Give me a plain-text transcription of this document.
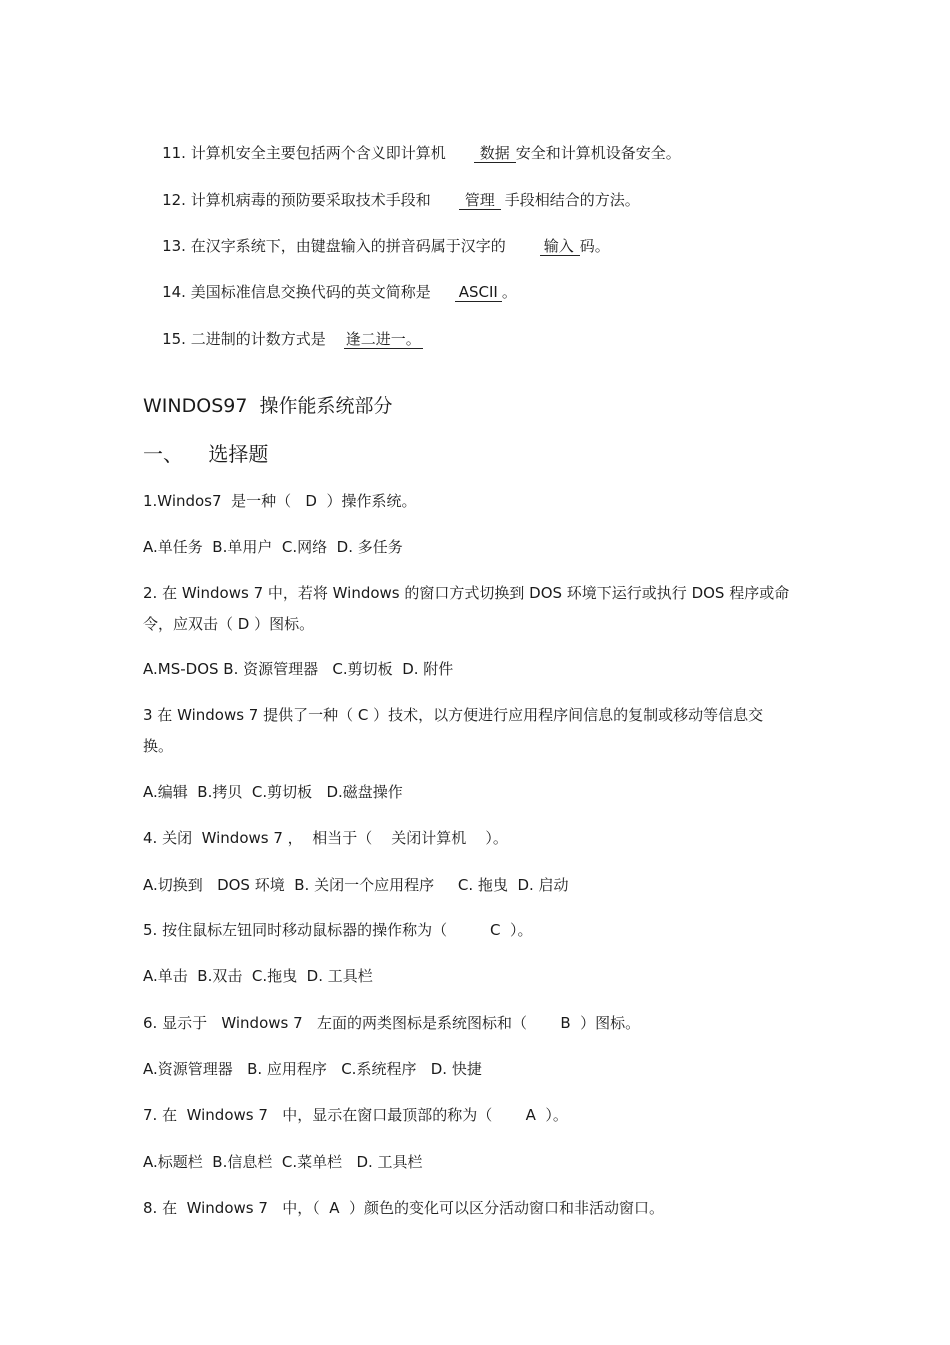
11. 计算机安全主要包括两个含义即计算机 数据 安全和计算机设备安全。

12. 计算机病毒的预防要采取技术手段和 管理 手段相结合的方法。

13. 在汉字系统下，由键盘输入的拼音码属于汉字的	输入 码。

14. 美国标准信息交换代码的英文简称是 ASCII 。

15. 二进制的计数方式是 逢二进一。

WINDOS97  操作能系统部分
一、    选择题
1.Windos7  是一种（   D  ）操作系统。
A.单任务  B.单用户  C.网络  D. 多任务
2. 在 Windows 7 中，若将 Windows 的窗口方式切换到 DOS 环境下运行或执行 DOS 程序或命令，应双击（ D ）图标。
A.MS-DOS B. 资源管理器   C.剪切板  D. 附件
3 在 Windows 7 提供了一种（ C ）技术，以方便进行应用程序间信息的复制或移动等信息交换。
A.编辑  B.拷贝  C.剪切板   D.磁盘操作
4. 关闭  Windows 7 ，  相当于（    关闭计算机    ）。
A.切换到   DOS 环境  B. 关闭一个应用程序     C. 拖曳  D. 启动
5. 按住鼠标左钮同时移动鼠标器的操作称为（         C  ）。
A.单击  B.双击  C.拖曳  D. 工具栏
6. 显示于   Windows 7   左面的两类图标是系统图标和（       B  ）图标。
A.资源管理器   B. 应用程序   C.系统程序   D. 快捷
7. 在  Windows 7   中，显示在窗口最顶部的称为（       A  ）。
A.标题栏  B.信息栏  C.菜单栏   D. 工具栏
8. 在  Windows 7   中，（  A  ）颜色的变化可以区分活动窗口和非活动窗口。
